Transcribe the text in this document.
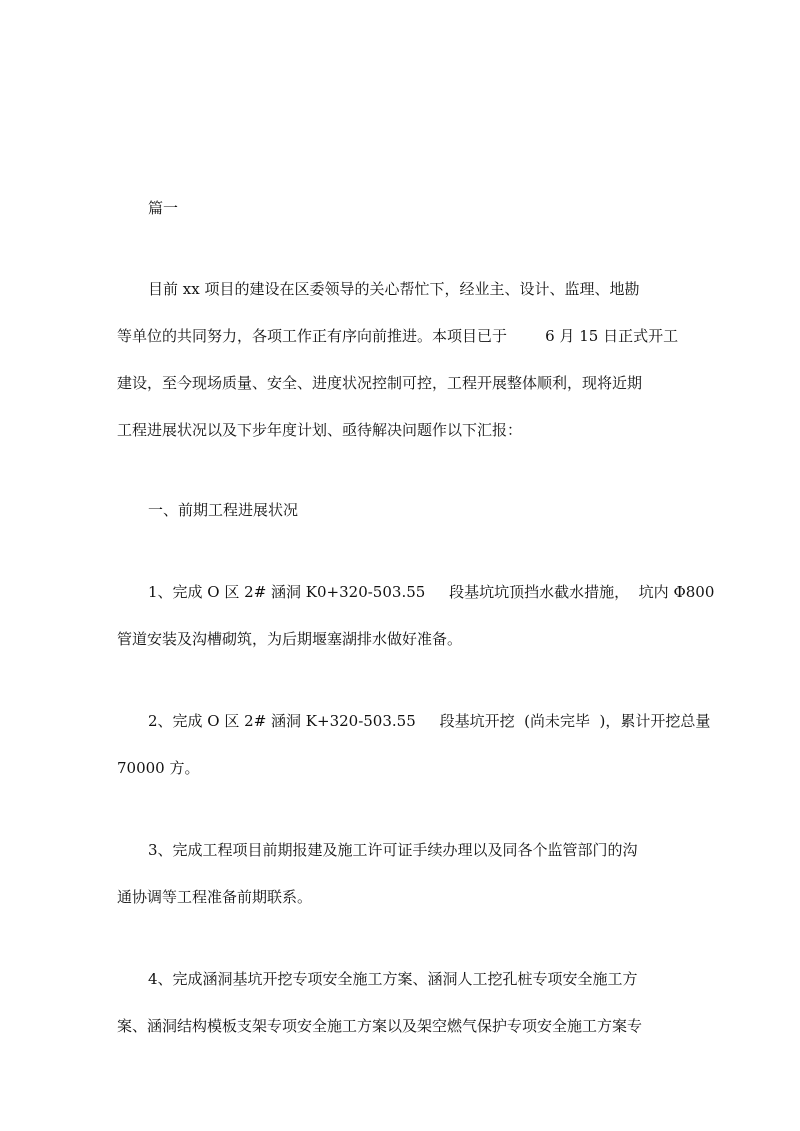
篇一
目前 xx 项目的建设在区委领导的关心帮忙下，经业主、设计、监理、地勘
等单位的共同努力，各项工作正有序向前推进。本项目已于        6 月 15 日正式开工
建设，至今现场质量、安全、进度状况控制可控，工程开展整体顺利，现将近期
工程进展状况以及下步年度计划、亟待解决问题作以下汇报：
一、前期工程进展状况
1、完成 O 区 2# 涵洞 K0+320-503.55     段基坑坑顶挡水截水措施，  坑内 Φ800
管道安装及沟槽砌筑，为后期堰塞湖排水做好准备。
2、完成 O 区 2# 涵洞 K+320-503.55     段基坑开挖  (尚未完毕  )，累计开挖总量
70000 方。
3、完成工程项目前期报建及施工许可证手续办理以及同各个监管部门的沟
通协调等工程准备前期联系。
4、完成涵洞基坑开挖专项安全施工方案、涵洞人工挖孔桩专项安全施工方
案、涵洞结构模板支架专项安全施工方案以及架空燃气保护专项安全施工方案专
